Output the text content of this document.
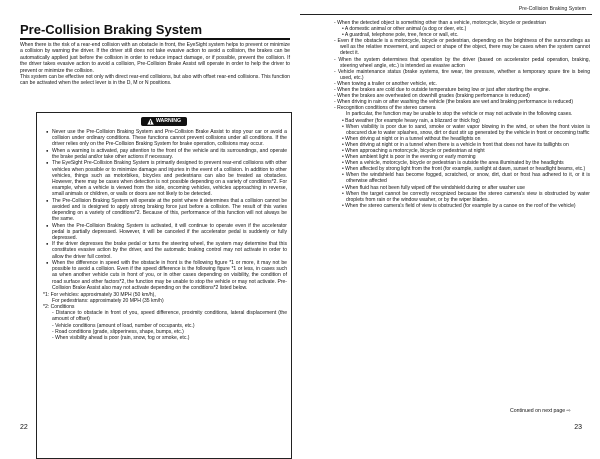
Pre-Collision Braking System
Pre-Collision Braking System

When there is the risk of a rear-end collision with an obstacle in front, the EyeSight system helps to prevent or minimize a collision by warning the driver. If the driver still does not take evasive action to avoid a collision, the brakes can be automatically applied just before the collision in order to reduce impact damage, or if possible, prevent the collision. If the driver takes evasive action to avoid a collision, Pre-Collision Brake Assist will operate in order to help the driver to prevent or minimize the collision.

This system can be effective not only with direct rear-end collisions, but also with offset rear-end collisions. This function can be activated when the select lever is in the D, M or N positions.

WARNING
● Never use the Pre-Collision Braking System and Pre-Collision Brake Assist to stop your car or avoid a collision under ordinary conditions. These functions cannot prevent collisions under all conditions. If the driver relies only on the Pre-Collision Braking System for brake operation, collisions may occur.
● When a warning is activated, pay attention to the front of the vehicle and its surroundings, and operate the brake pedal and/or take other actions if necessary.
● The EyeSight Pre-Collision Braking System is primarily designed to prevent rear-end collisions with other vehicles when possible or to minimize damage and injuries in the event of a collision. In addition to other vehicles, things such as motorbikes, bicycles and pedestrians can also be treated as obstacles. However, there may be cases when detection is not possible depending on a variety of conditions*2. For example, when a vehicle is viewed from the side, oncoming vehicles, vehicles approaching in reverse, small animals or children, or walls or doors are not likely to be detected.
● The Pre-Collision Braking System will operate at the point where it determines that a collision cannot be avoided and is designed to apply strong braking force just before a collision. The result of this varies depending on a variety of conditions*2. Because of this, performance of this function will not always be the same.
● When the Pre-Collision Braking System is activated, it will continue to operate even if the accelerator pedal is partially depressed. However, it will be canceled if the accelerator pedal is suddenly or fully depressed.
● If the driver depresses the brake pedal or turns the steering wheel, the system may determine that this constitutes evasive action by the driver, and the automatic braking control may not activate in order to allow the driver full control.
● When the difference in speed with the obstacle in front is the following figure *1 or more, it may not be possible to avoid a collision. Even if the speed difference is the following figure *1 or less, in cases such as when another vehicle cuts in front of you, or in other cases depending on visibility, the condition of road surface and other factors*2, the function may be unable to stop the vehicle or may not activate. Pre-Collision Brake Assist also may not activate depending on the conditions*2 listed below.
*1: For vehicles: approximately 30 MPH (50 km/h),
For pedestrians: approximately 20 MPH (35 km/h)
*2: Conditions
- Distance to obstacle in front of you, speed difference, proximity conditions, lateral displacement (the amount of offset)
- Vehicle conditions (amount of load, number of occupants, etc.)
- Road conditions (grade, slipperiness, shape, bumps, etc.)
- When visibility ahead is poor (rain, snow, fog or smoke, etc.)
- When the detected object is something other than a vehicle, motorcycle, bicycle or pedestrian
• A domestic animal or other animal (a dog or deer, etc.)
• A guardrail, telephone pole, tree, fence or wall, etc.
- Even if the obstacle is a motorcycle, bicycle or pedestrian, depending on the brightness of the surroundings as well as the relative movement, and aspect or shape of the object, there may be cases when the system cannot detect it.
- When the system determines that operation by the driver (based on accelerator pedal operation, braking, steering wheel angle, etc.) is intended as evasive action
- Vehicle maintenance status (brake systems, tire wear, tire pressure, whether a temporary spare tire is being used, etc.)
- When towing a trailer or another vehicle, etc.
- When the brakes are cold due to outside temperature being low or just after starting the engine.
- When the brakes are overheated on downhill grades (braking performance is reduced)
- When driving in rain or after washing the vehicle (the brakes are wet and braking performance is reduced)
- Recognition conditions of the stereo camera
In particular, the function may be unable to stop the vehicle or may not activate in the following cases.
• Bad weather (for example heavy rain, a blizzard or thick fog)
• When visibility is poor due to sand, smoke or water vapor blowing in the wind, or when the front vision is obscured due to water splashes, snow, dirt or dust stir up generated by the vehicle in front or oncoming traffic
• When driving at night or in a tunnel without the headlights on
• When driving at night or in a tunnel when there is a vehicle in front that does not have its taillights on
• When approaching a motorcycle, bicycle or pedestrian at night
• When ambient light is poor in the evening or early morning
• When a vehicle, motorcycle, bicycle or pedestrian is outside the area illuminated by the headlights
• When affected by strong light from the front (for example, sunlight at dawn, sunset or headlight beams, etc.)
• When the windshield has become fogged, scratched, or snow, dirt, dust or frost has adhered to it, or it is otherwise affected
• When fluid has not been fully wiped off the windshield during or after washer use
• When the target cannot be correctly recognized because the stereo camera's view is obstructed by water droplets from rain or the window washer, or by the wiper blades.
• When the stereo camera's field of view is obstructed (for example by a canoe on the roof of the vehicle)
Continued on next page ⇨
22	23
